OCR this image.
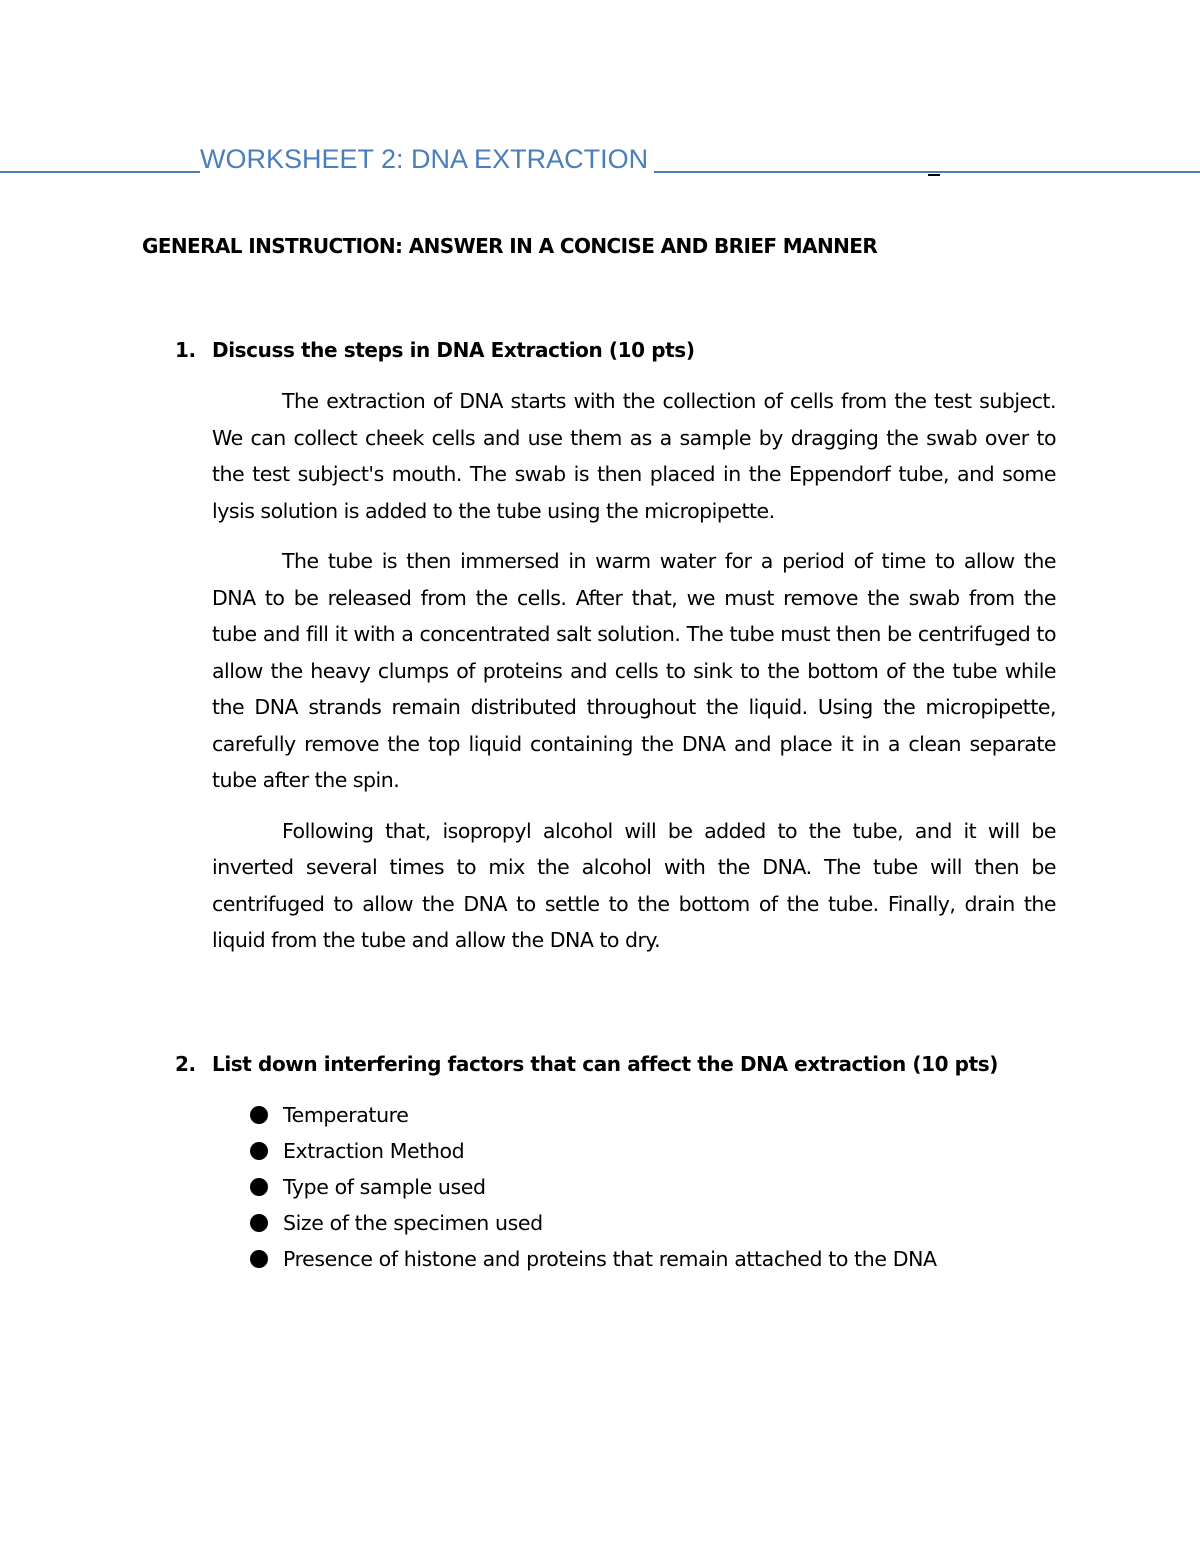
WORKSHEET 2: DNA EXTRACTION
GENERAL INSTRUCTION: ANSWER IN A CONCISE AND BRIEF MANNER
1. Discuss the steps in DNA Extraction (10 pts)

The extraction of DNA starts with the collection of cells from the test subject. We can collect cheek cells and use them as a sample by dragging the swab over to the test subject's mouth. The swab is then placed in the Eppendorf tube, and some lysis solution is added to the tube using the micropipette.

The tube is then immersed in warm water for a period of time to allow the DNA to be released from the cells. After that, we must remove the swab from the tube and fill it with a concentrated salt solution. The tube must then be centrifuged to allow the heavy clumps of proteins and cells to sink to the bottom of the tube while the DNA strands remain distributed throughout the liquid. Using the micropipette, carefully remove the top liquid containing the DNA and place it in a clean separate tube after the spin.

Following that, isopropyl alcohol will be added to the tube, and it will be inverted several times to mix the alcohol with the DNA. The tube will then be centrifuged to allow the DNA to settle to the bottom of the tube. Finally, drain the liquid from the tube and allow the DNA to dry.

2. List down interfering factors that can affect the DNA extraction (10 pts)
Temperature
Extraction Method
Type of sample used
Size of the specimen used
Presence of histone and proteins that remain attached to the DNA
